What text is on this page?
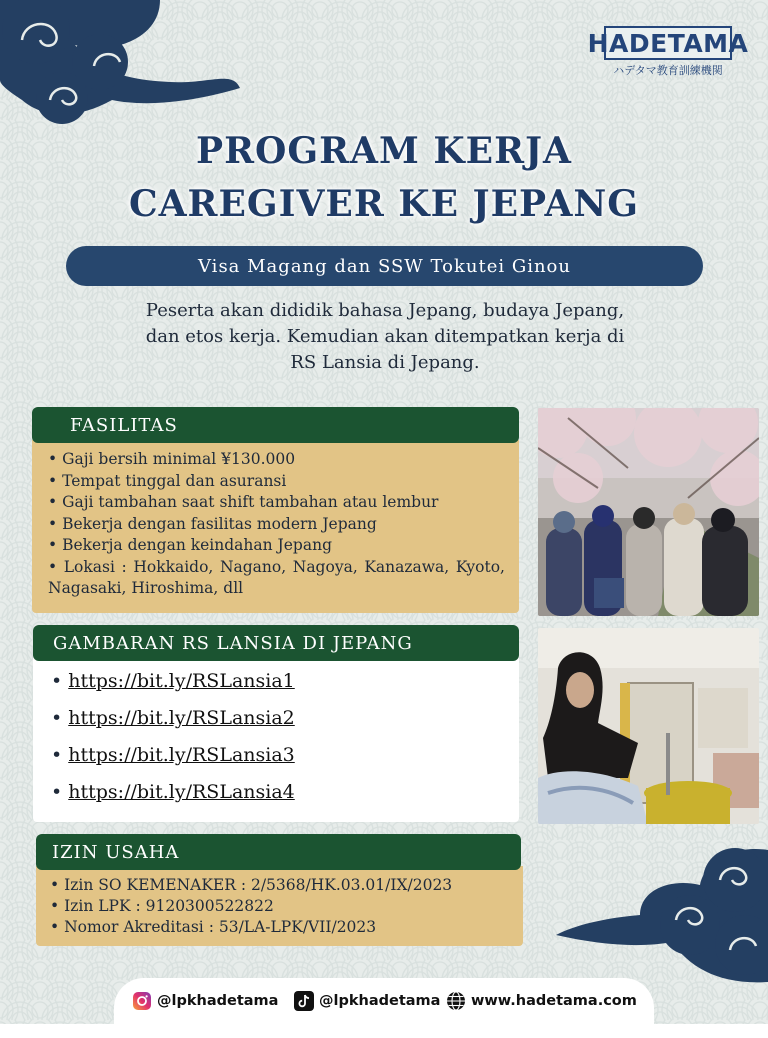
HADETAMA
ハデタマ教育訓練機関
PROGRAM KERJA
CAREGIVER KE JEPANG
Visa Magang dan SSW Tokutei Ginou
Peserta akan dididik bahasa Jepang, budaya Jepang,
dan etos kerja. Kemudian akan ditempatkan kerja di
RS Lansia di Jepang.
• Gaji bersih minimal ¥130.000
• Tempat tinggal dan asuransi
• Gaji tambahan saat shift tambahan atau lembur
• Bekerja dengan fasilitas modern Jepang
• Bekerja dengan keindahan Jepang
• Lokasi : Hokkaido, Nagano, Nagoya, Kanazawa, Kyoto, Nagasaki, Hiroshima, dll
FASILITAS
• https://bit.ly/RSLansia1
• https://bit.ly/RSLansia2
• https://bit.ly/RSLansia3
• https://bit.ly/RSLansia4
GAMBARAN RS LANSIA DI JEPANG
• Izin SO KEMENAKER : 2/5368/HK.03.01/IX/2023
• Izin LPK : 9120300522822
• Nomor Akreditasi : 53/LA-LPK/VII/2023
IZIN USAHA
@lpkhadetama	@lpkhadetama www.hadetama.com
